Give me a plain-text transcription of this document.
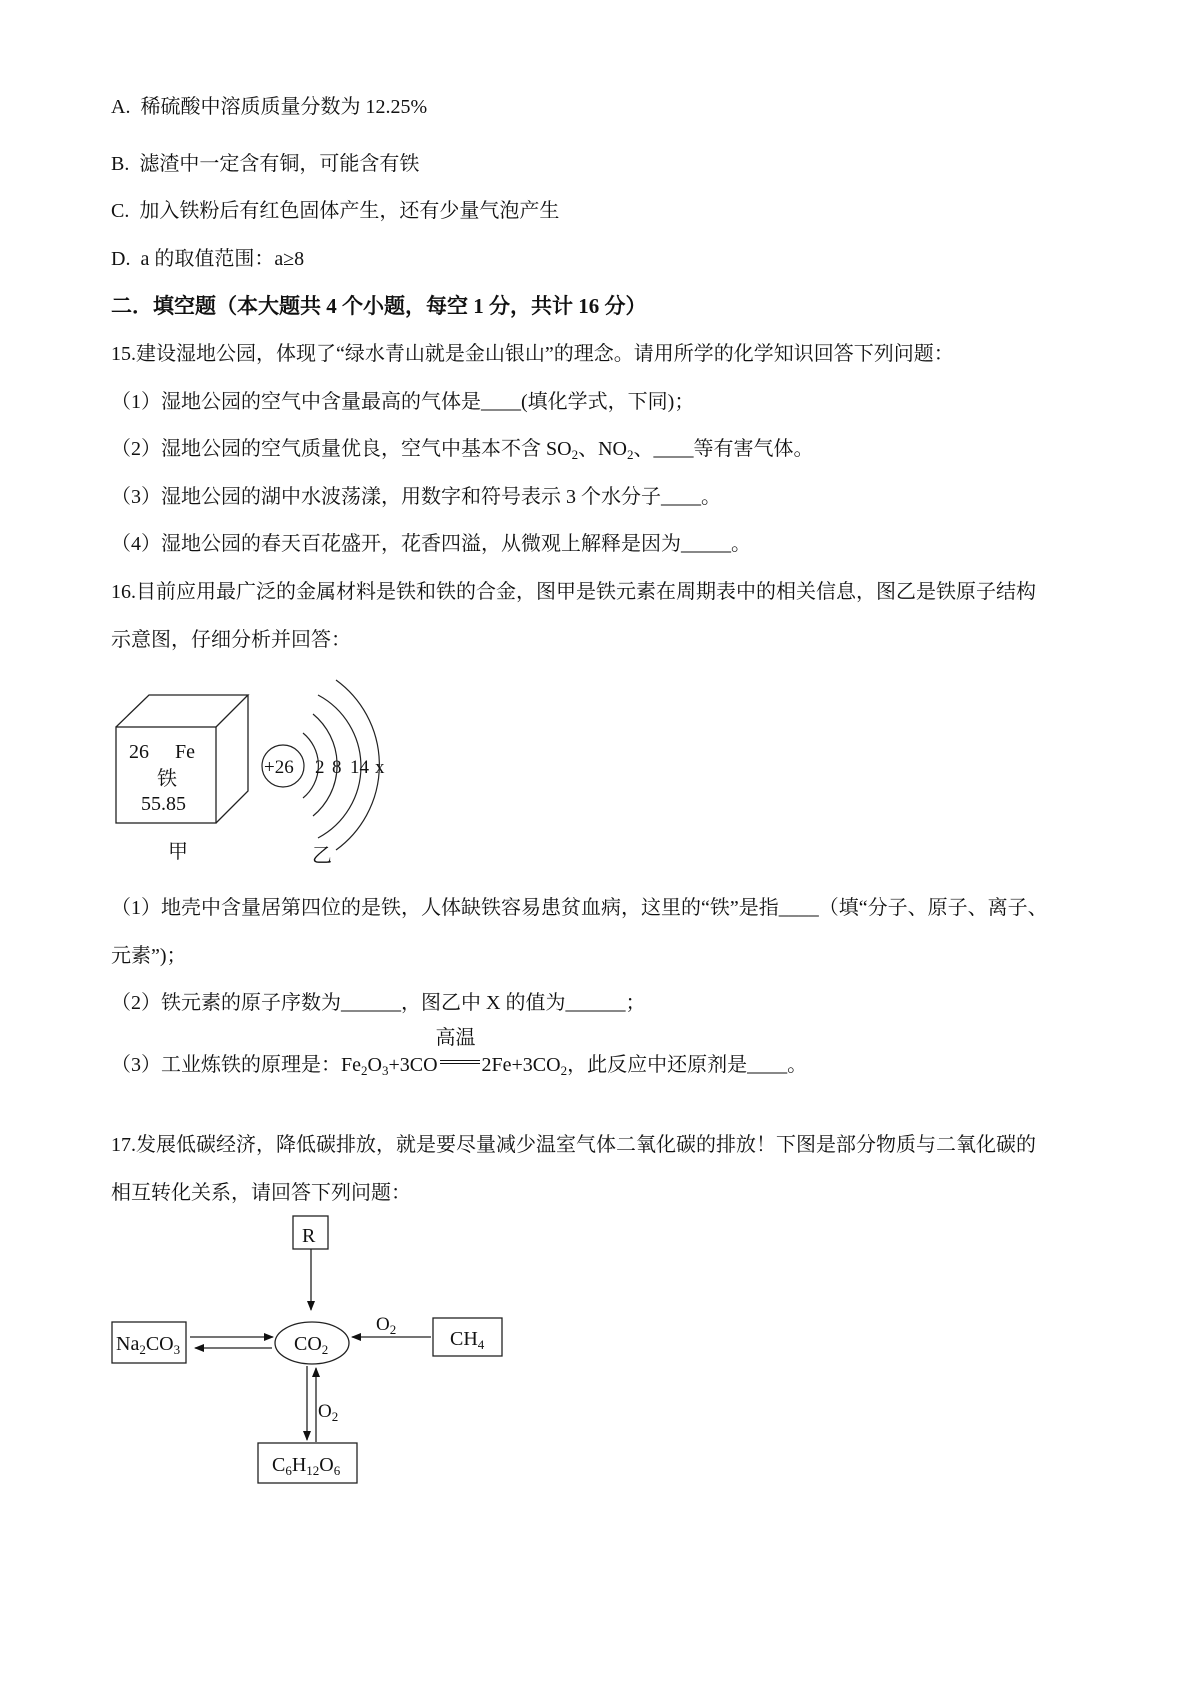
A. 稀硫酸中溶质质量分数为 12.25%
B. 滤渣中一定含有铜，可能含有铁
C. 加入铁粉后有红色固体产生，还有少量气泡产生
D. a 的取值范围：a≥8
二．填空题（本大题共 4 个小题，每空 1 分，共计 16 分）
15.建设湿地公园，体现了“绿水青山就是金山银山”的理念。请用所学的化学知识回答下列问题：
（1）湿地公园的空气中含量最高的气体是____(填化学式，下同)；
（2）湿地公园的空气质量优良，空气中基本不含 $SO_2$、$NO_2$、____等有害气体。
（3）湿地公园的湖中水波荡漾，用数字和符号表示 3 个水分子____。
（4）湿地公园的春天百花盛开，花香四溢，从微观上解释是因为_____。
16.目前应用最广泛的金属材料是铁和铁的合金，图甲是铁元素在周期表中的相关信息，图乙是铁原子结构
示意图，仔细分析并回答：
26 Fe
铁
55.85
甲
+26 2 8 14 x
乙
R
$CO_2$
$Na_2CO_3$	$CH_4$
$C_6H_{12}O_6$
$O_2$
$O_2$
（1）地壳中含量居第四位的是铁，人体缺铁容易患贫血病，这里的“铁”是指____（填“分子、原子、离子、
元素”)；
（2）铁元素的原子序数为______，图乙中 X 的值为______；
（3）工业炼铁的原理是：$Fe_2O_3+3CO$
高温
$2Fe+3CO_2$，此反应中还原剂是____。
17.发展低碳经济，降低碳排放，就是要尽量减少温室气体二氧化碳的排放！下图是部分物质与二氧化碳的
相互转化关系，请回答下列问题：
